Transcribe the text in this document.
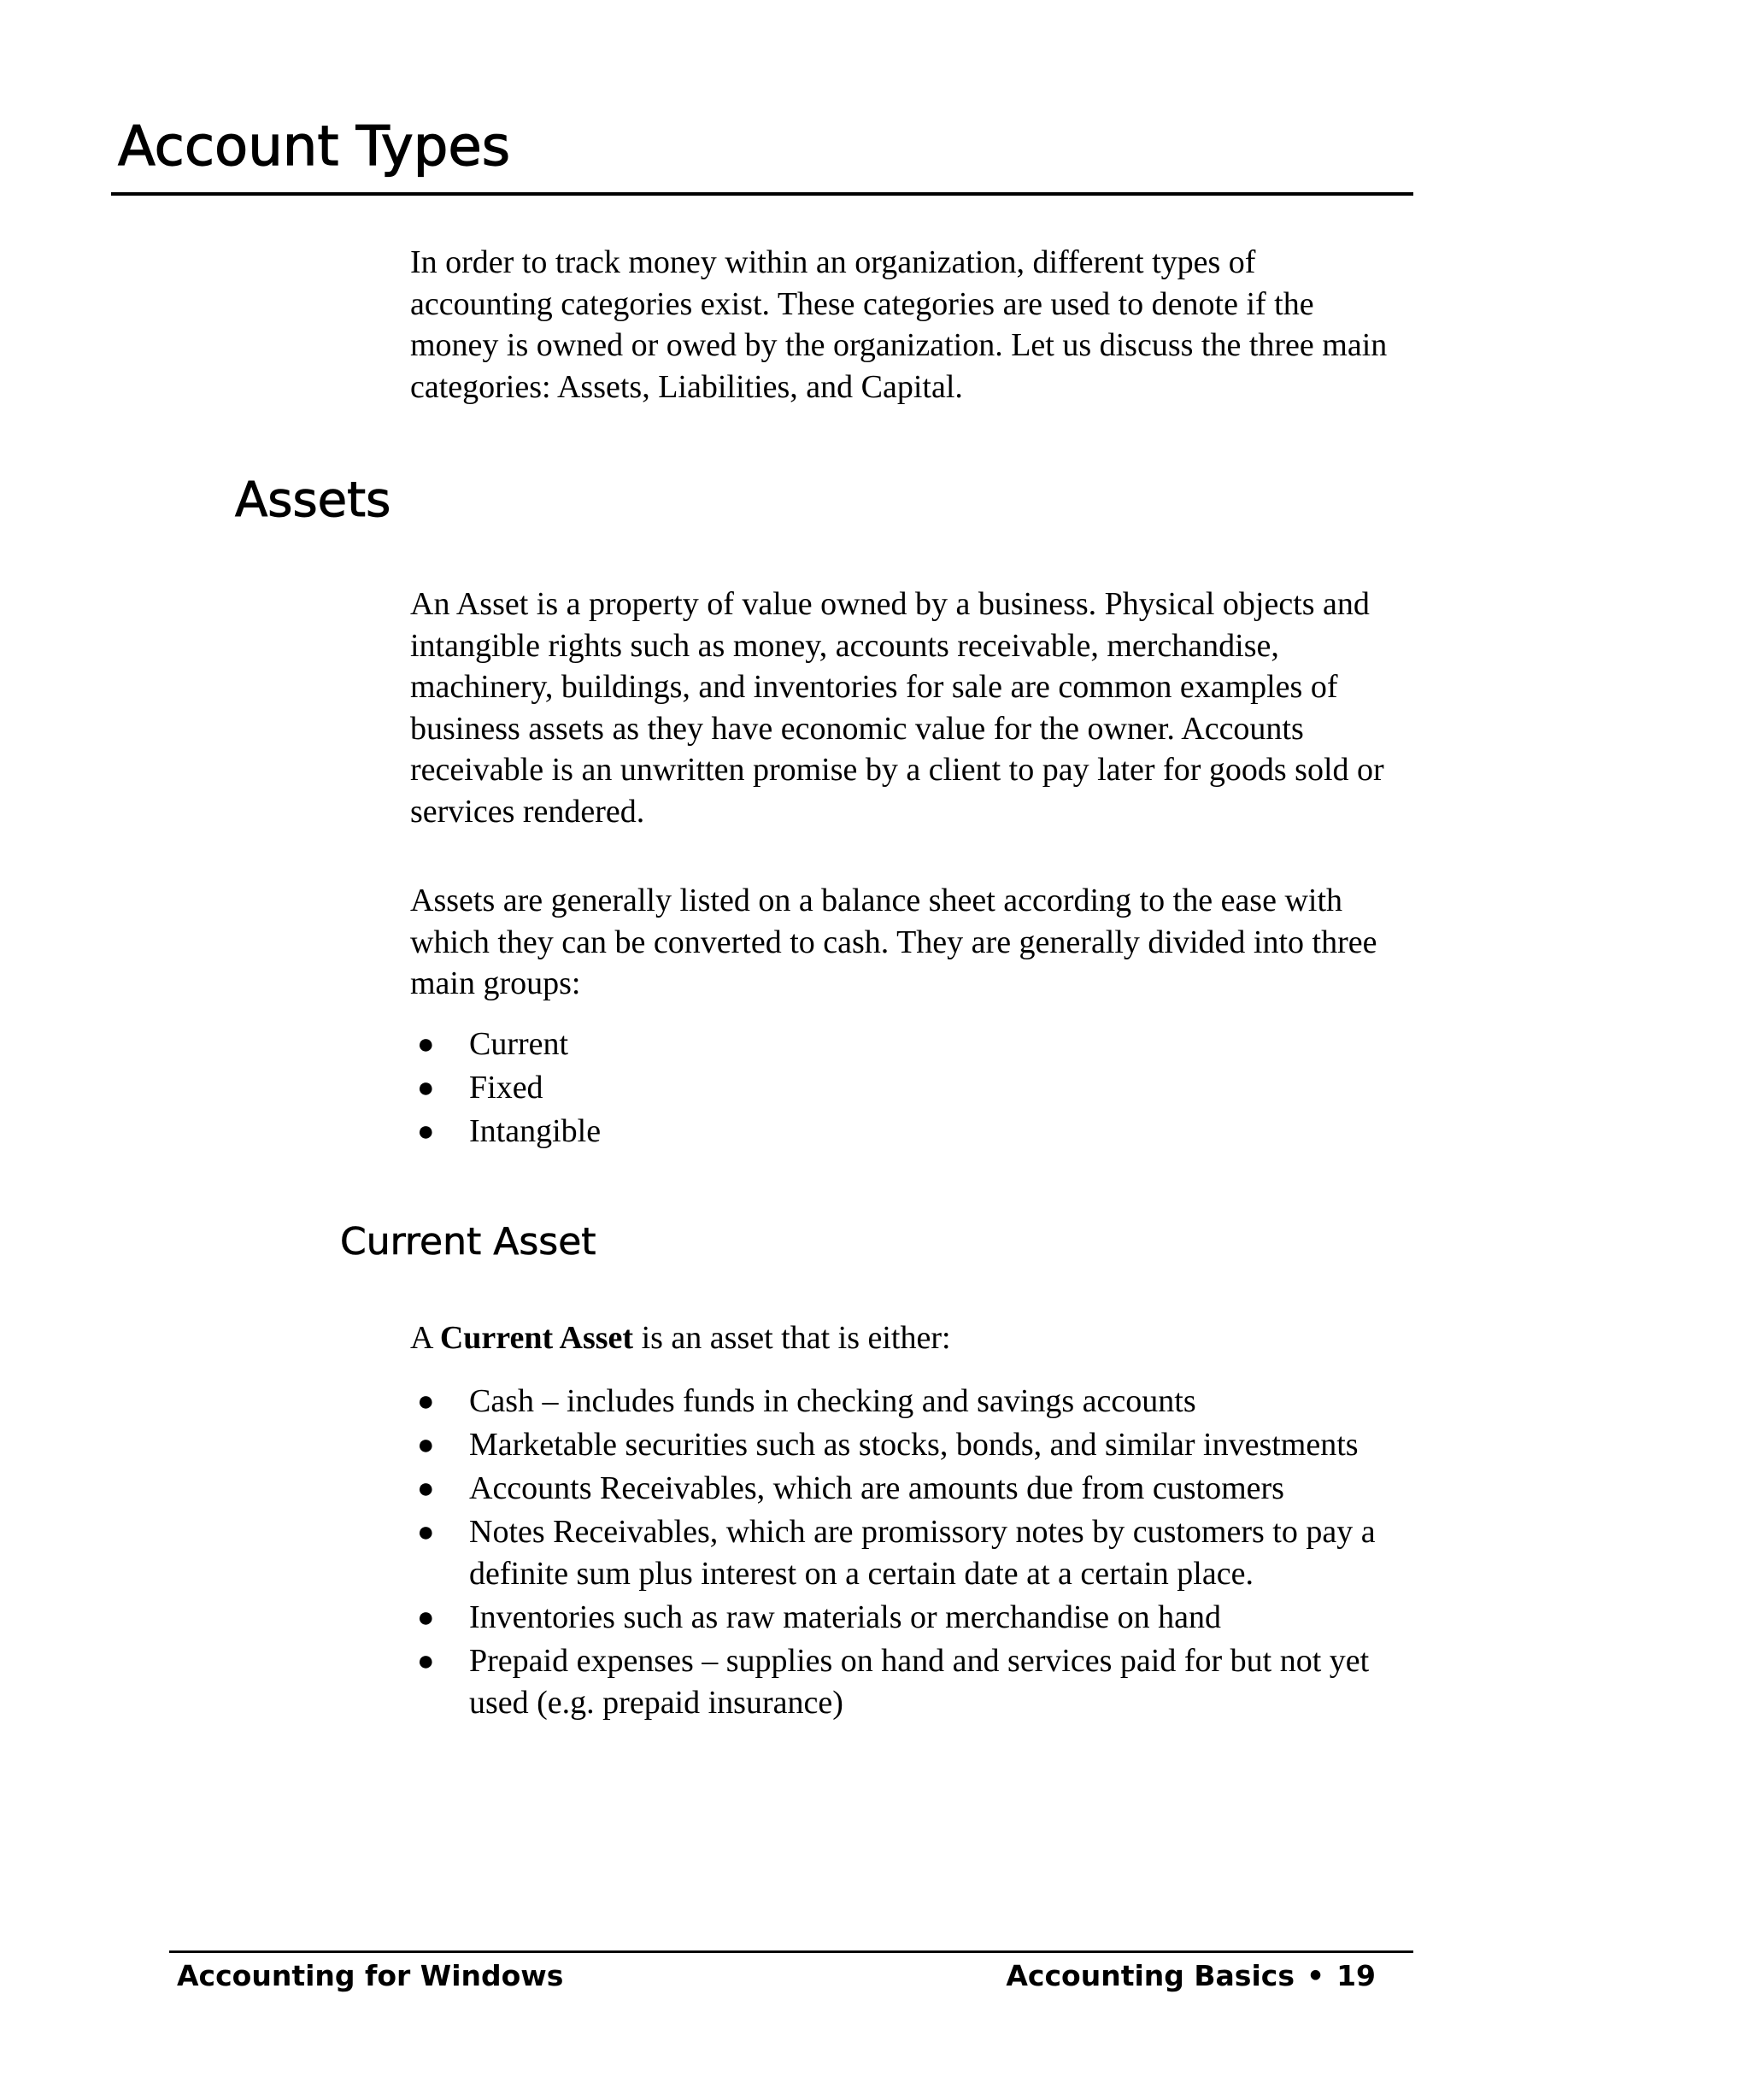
Account Types

In order to track money within an organization, different types of accounting categories exist. These categories are used to denote if the money is owned or owed by the organization. Let us discuss the three main categories: Assets, Liabilities, and Capital.

Assets

An Asset is a property of value owned by a business. Physical objects and intangible rights such as money, accounts receivable, merchandise, machinery, buildings, and inventories for sale are common examples of business assets as they have economic value for the owner. Accounts receivable is an unwritten promise by a client to pay later for goods sold or services rendered.

Assets are generally listed on a balance sheet according to the ease with which they can be converted to cash. They are generally divided into three main groups:

● Current
● Fixed
● Intangible
Current Asset

A Current Asset is an asset that is either:

● Cash – includes funds in checking and savings accounts
● Marketable securities such as stocks, bonds, and similar investments
● Accounts Receivables, which are amounts due from customers
● Notes Receivables, which are promissory notes by customers to pay a definite sum plus interest on a certain date at a certain place.
● Inventories such as raw materials or merchandise on hand
● Prepaid expenses – supplies on hand and services paid for but not yet used (e.g. prepaid insurance)
Accounting for Windows	Accounting Basics • 19
